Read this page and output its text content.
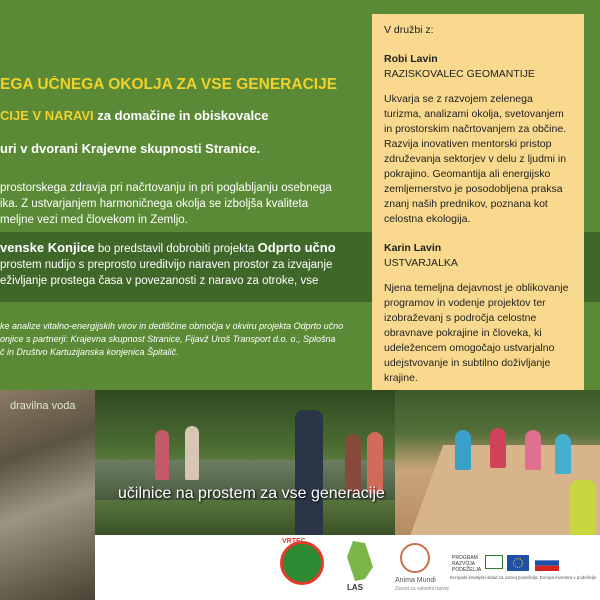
EGA UČNEGA OKOLJA ZA VSE GENERACIJE
CIJE V NARAVI za domačine in obiskovalce
uri v dvorani Krajevne skupnosti Stranice.
prostorskega zdravja pri načrtovanju in pri poglabljanju osebnega
ika. Z ustvarjanjem harmoničnega okolja se izboljša kvaliteta
meljne vezi med človekom in Zemljo.
venske Konjice bo predstavil dobrobiti projekta Odprto učno
prostem nudijo s preprosto ureditvijo naraven prostor za izvajanje
eživljanje prostega časa v povezanosti z naravo za otroke, vse
ke analize vitalno-energijskih virov in dediščine območja v okviru projekta Odprto učno
onjice s partnerji: Krajevna skupnost Stranice, Fijavž Uroš Transport d.o. o., Splošna
č in Društvo Kartuzijanska konjenica Špitalič.
V družbi z:
Robi Lavin
RAZISKOVALEC GEOMANTIJE
Ukvarja se z razvojem zelenega turizma, analizami okolja, svetovanjem in prostorskim načrtovanjem za občine. Razvija inovativen mentorski pristop združevanja sektorjev v delu z ljudmi in pokrajino. Geomantija ali energijsko zemljemerstvo je posodobljena praksa znanj naših prednikov, poznana kot celostna ekologija.
Karin Lavin
USTVARJALKA
Njena temeljna dejavnost je oblikovanje programov in vodenje projektov ter izobraževanj s področja celostne obravnave pokrajine in človeka, ki udeležencem omogočajo ustvarjalno udejstvovanje in subtilno doživljanje krajine.
dravilna voda
učilnice na prostem za vse generacije
VRTEC
LAS
Anima Mundi
Zavod za celostni razvoj
PROGRAM
RAZVOJA
PODEŽELJA
Evropski kmetijski sklad za razvoj podeželja: Evropa investira v podeželje
